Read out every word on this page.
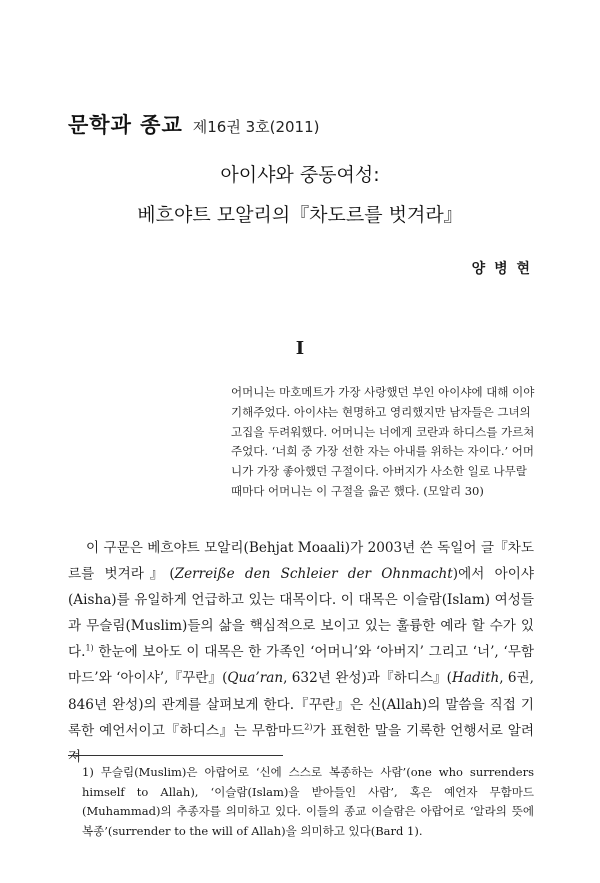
문학과 종교 제16권 3호(2011)
아이샤와 중동여성:
베흐야트 모알리의『차도르를 벗겨라』
양 병 현
I

어머니는 마호메트가 가장 사랑했던 부인 아이샤에 대해 이야기해주었다. 아이샤는 현명하고 영리했지만 남자들은 그녀의 고집을 두려워했다. 어머니는 너에게 코란과 하디스를 가르쳐 주었다. ‘너희 중 가장 선한 자는 아내를 위하는 자이다.’ 어머니가 가장 좋아했던 구절이다. 아버지가 사소한 일로 나무랄 때마다 어머니는 이 구절을 읊곤 했다. (모알리 30)

이 구문은 베흐야트 모알리(Behjat Moaali)가 2003년 쓴 독일어 글『차도르를 벗겨라』(Zerreiße den Schleier der Ohnmacht)에서 아이샤(Aisha)를 유일하게 언급하고 있는 대목이다. 이 대목은 이슬람(Islam) 여성들과 무슬림(Muslim)들의 삶을 핵심적으로 보이고 있는 훌륭한 예라 할 수가 있다.$^{1)}$ 한눈에 보아도 이 대목은 한 가족인 ‘어머니’와 ‘아버지’ 그리고 ‘너’, ‘무함마드’와 ‘아이샤’,『꾸란』(Qua’ran, 632년 완성)과『하디스』(Hadith, 6권, 846년 완성)의 관계를 살펴보게 한다.『꾸란』은 신(Allah)의 말씀을 직접 기록한 예언서이고『하디스』는 무함마드$^{2)}$가 표현한 말을 기록한 언행서로 알려져

1) 무슬림(Muslim)은 아랍어로 ‘신에 스스로 복종하는 사람’(one who surrenders himself to Allah), ‘이슬람(Islam)을 받아들인 사람’, 혹은 예언자 무함마드(Muhammad)의 추종자를 의미하고 있다. 이들의 종교 이슬람은 아랍어로 ‘알라의 뜻에 복종’(surrender to the will of Allah)을 의미하고 있다(Bard 1).
